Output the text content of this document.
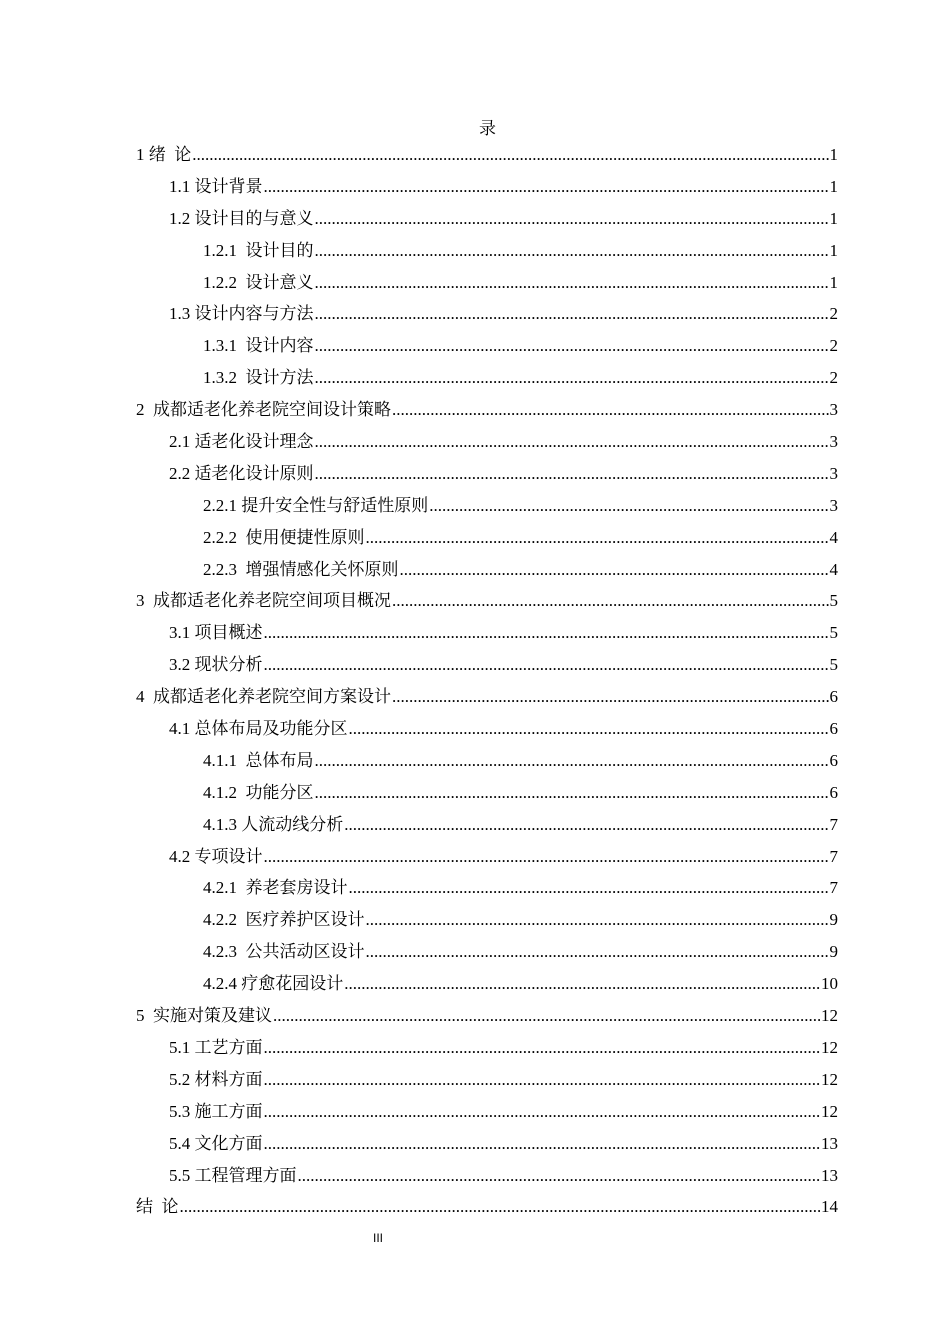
录
1 绪  论 .....	1
1.1 设计背景 .....	1
1.2 设计目的与意义 .....	1
1.2.1  设计目的 .....	1
1.2.2  设计意义 .....	1
1.3 设计内容与方法 .....	2
1.3.1  设计内容 .....	2
1.3.2  设计方法 .....	2
2  成都适老化养老院空间设计策略 .....	3
2.1 适老化设计理念 .....	3
2.2 适老化设计原则 .....	3
2.2.1 提升安全性与舒适性原则 .....	3
2.2.2  使用便捷性原则 .....	4
2.2.3  增强情感化关怀原则 .....	4
3  成都适老化养老院空间项目概况 .....	5
3.1 项目概述 .....	5
3.2 现状分析 .....	5
4  成都适老化养老院空间方案设计 .....	6
4.1 总体布局及功能分区 .....	6
4.1.1  总体布局 .....	6
4.1.2  功能分区 .....	6
4.1.3 人流动线分析 .....	7
4.2 专项设计 .....	7
4.2.1  养老套房设计 .....	7
4.2.2  医疗养护区设计 .....	9
4.2.3  公共活动区设计 .....	9
4.2.4 疗愈花园设计 .....	10
5  实施对策及建议 .....	12
5.1 工艺方面 .....	12
5.2 材料方面 .....	12
5.3 施工方面 .....	12
5.4 文化方面 .....	13
5.5 工程管理方面 .....	13
结  论 .....	14
III
